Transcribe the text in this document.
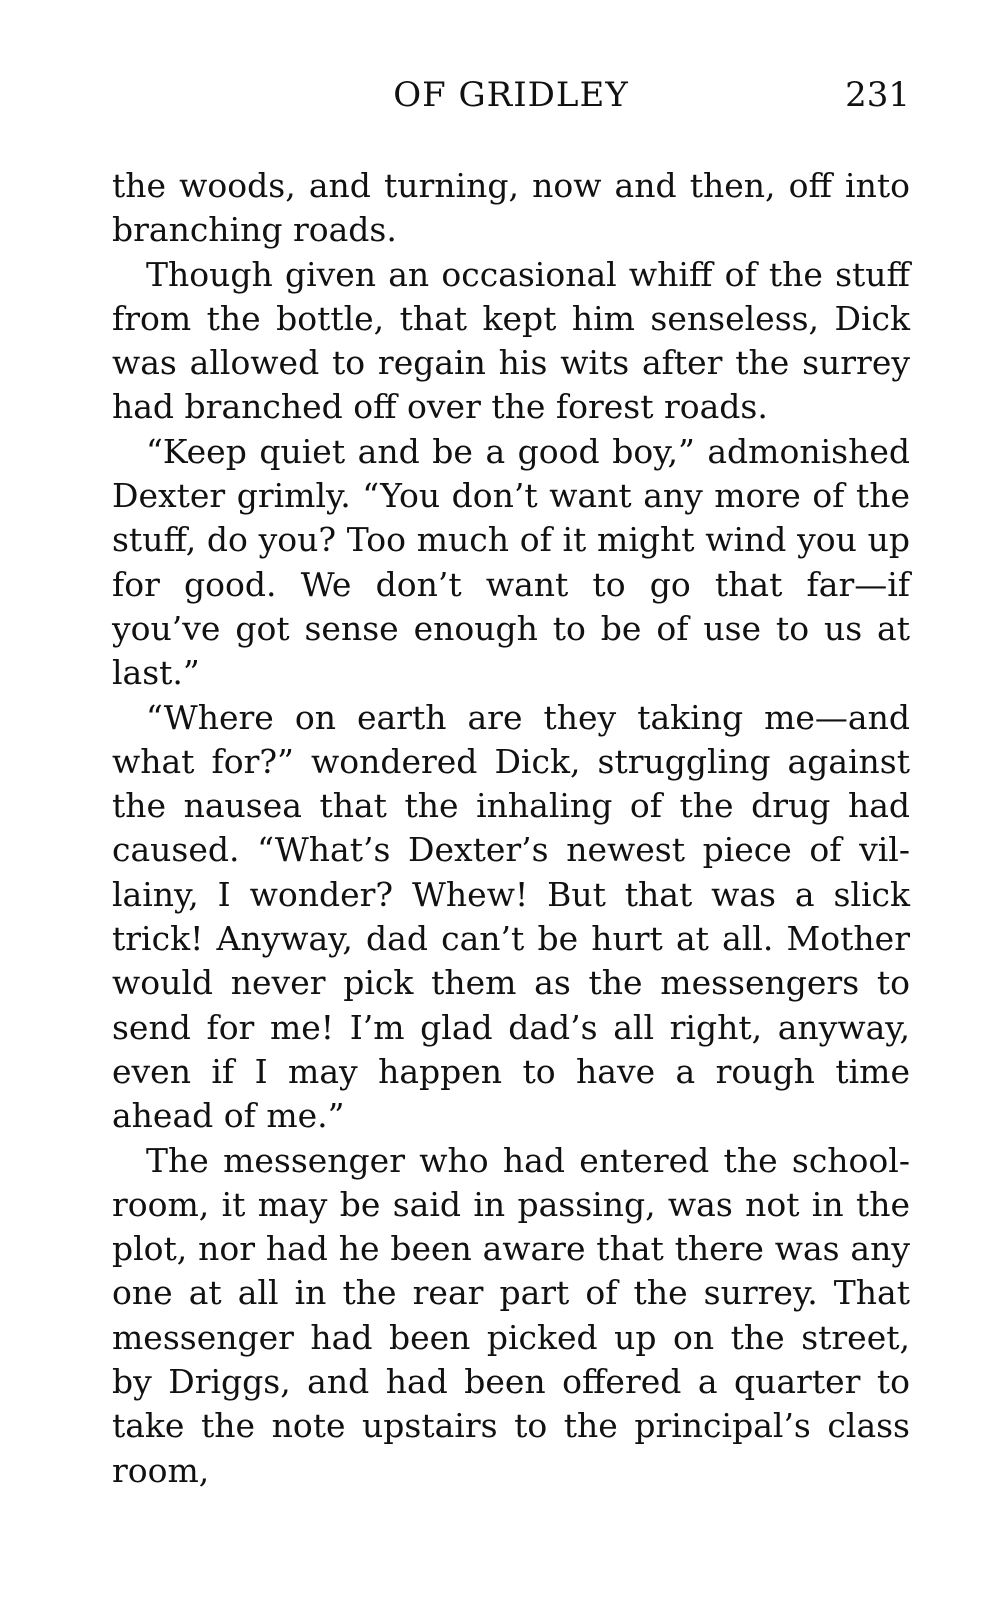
OF GRIDLEY	231

the woods, and turning, now and then, off into branching roads.

Though given an occasional whiff of the stuff from the bottle, that kept him senseless, Dick was allowed to regain his wits after the surrey had branched off over the forest roads.

“Keep quiet and be a good boy,” admonished Dexter grimly. “You don’t want any more of the stuff, do you? Too much of it might wind you up for good. We don’t want to go that far—if you’ve got sense enough to be of use to us at last.”

“Where on earth are they taking me—and what for?” wondered Dick, struggling against the nausea that the inhaling of the drug had caused. “What’s Dexter’s newest piece of villainy, I wonder? Whew! But that was a slick trick! Anyway, dad can’t be hurt at all. Mother would never pick them as the messengers to send for me! I’m glad dad’s all right, anyway, even if I may happen to have a rough time ahead of me.”

The messenger who had entered the schoolroom, it may be said in passing, was not in the plot, nor had he been aware that there was any one at all in the rear part of the surrey. That messenger had been picked up on the street, by Driggs, and had been offered a quarter to take the note upstairs to the principal’s class room,
